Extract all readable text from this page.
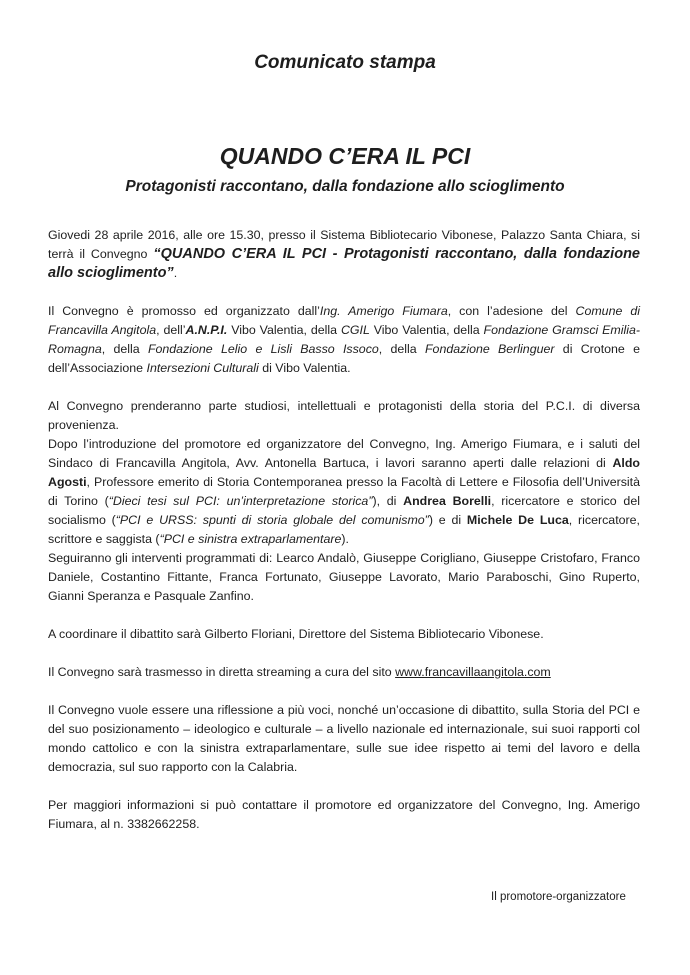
Comunicato stampa
QUANDO C’ERA IL PCI
Protagonisti raccontano, dalla fondazione allo scioglimento

Giovedi 28 aprile 2016, alle ore 15.30, presso il Sistema Bibliotecario Vibonese, Palazzo Santa Chiara, si terrà il Convegno “QUANDO C’ERA IL PCI - Protagonisti raccontano, dalla fondazione allo scioglimento”.

Il Convegno è promosso ed organizzato dall’Ing. Amerigo Fiumara, con l’adesione del Comune di Francavilla Angitola, dell’A.N.P.I. Vibo Valentia, della CGIL Vibo Valentia, della Fondazione Gramsci Emilia-Romagna, della Fondazione Lelio e Lisli Basso Issoco, della Fondazione Berlinguer di Crotone e dell’Associazione Intersezioni Culturali di Vibo Valentia.

Al Convegno prenderanno parte studiosi, intellettuali e protagonisti della storia del P.C.I. di diversa provenienza.

Dopo l’introduzione del promotore ed organizzatore del Convegno, Ing. Amerigo Fiumara, e i saluti del Sindaco di Francavilla Angitola, Avv. Antonella Bartuca, i lavori saranno aperti dalle relazioni di Aldo Agosti, Professore emerito di Storia Contemporanea presso la Facoltà di Lettere e Filosofia dell’Università di Torino (“Dieci tesi sul PCI: un’interpretazione storica”), di Andrea Borelli, ricercatore e storico del socialismo (“PCI e URSS: spunti di storia globale del comunismo”) e di Michele De Luca, ricercatore, scrittore e saggista (“PCI e sinistra extraparlamentare).

Seguiranno gli interventi programmati di: Learco Andalò, Giuseppe Corigliano, Giuseppe Cristofaro, Franco Daniele, Costantino Fittante, Franca Fortunato, Giuseppe Lavorato, Mario Paraboschi, Gino Ruperto, Gianni Speranza e Pasquale Zanfino.

A coordinare il dibattito sarà Gilberto Floriani, Direttore del Sistema Bibliotecario Vibonese.

Il Convegno sarà trasmesso in diretta streaming a cura del sito www.francavillaangitola.com

Il Convegno vuole essere una riflessione a più voci, nonché un’occasione di dibattito, sulla Storia del PCI e del suo posizionamento – ideologico e culturale – a livello nazionale ed internazionale, sui suoi rapporti col mondo cattolico e con la sinistra extraparlamentare, sulle sue idee rispetto ai temi del lavoro e della democrazia, sul suo rapporto con la Calabria.

Per maggiori informazioni si può contattare il promotore ed organizzatore del Convegno, Ing. Amerigo Fiumara, al n. 3382662258.

Il promotore-organizzatore
